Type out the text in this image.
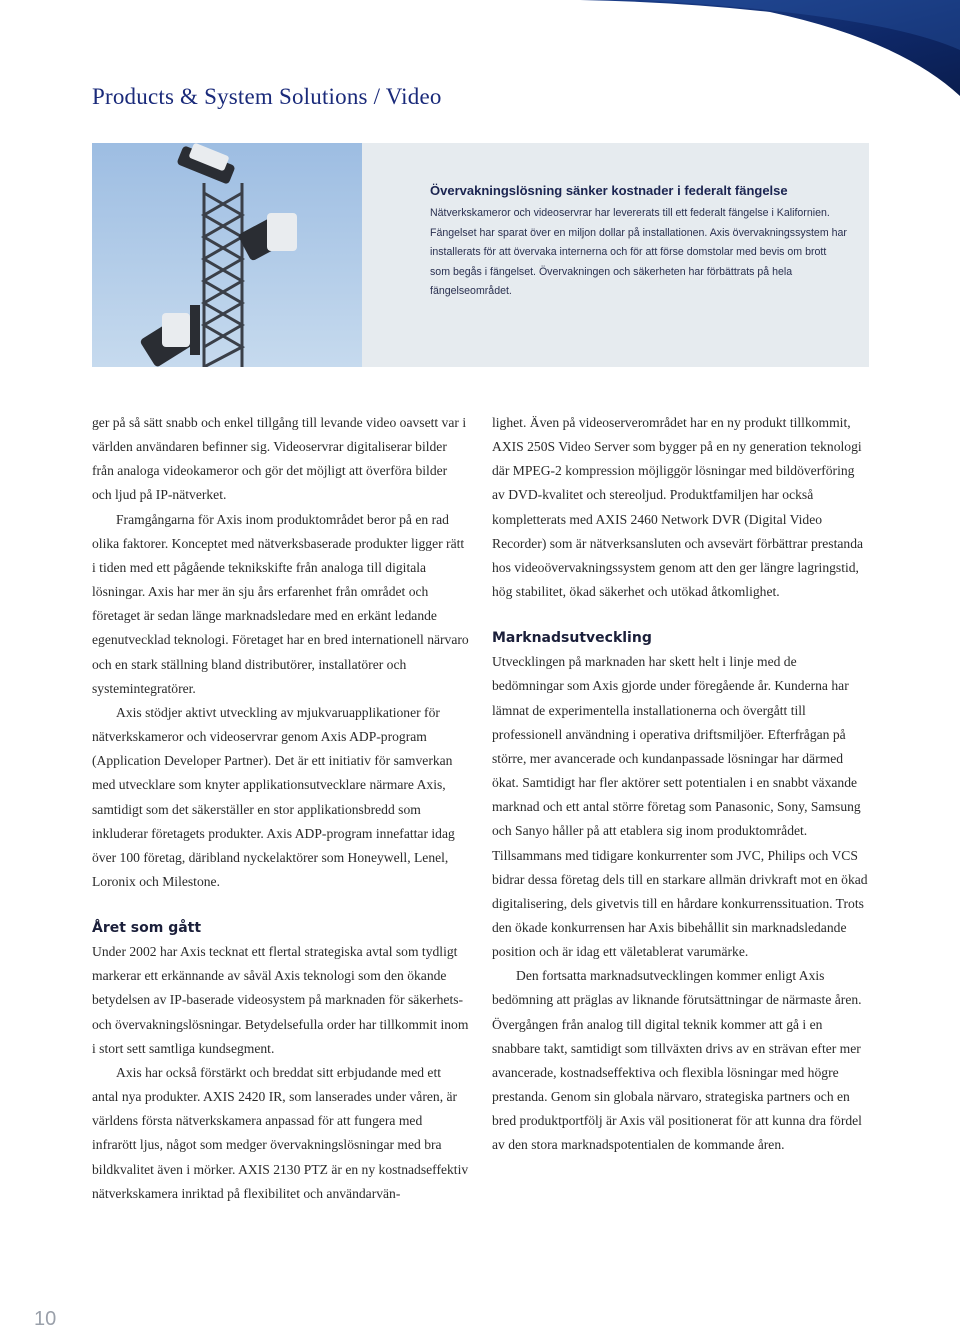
Products & System Solutions / Video

Övervakningslösning sänker kostnader i federalt fängelse

Nätverkskameror och videoservrar har levererats till ett federalt fängelse i Kalifornien. Fängelset har sparat över en miljon dollar på installationen. Axis övervakningssystem har installerats för att övervaka internerna och för att förse domstolar med bevis om brott som begås i fängelset. Övervakningen och säkerheten har förbättrats på hela fängelseområdet.

ger på så sätt snabb och enkel tillgång till levande video oavsett var i världen användaren befinner sig. Videoservrar digitaliserar bilder från analoga videokameror och gör det möjligt att överföra bilder och ljud på IP-nätverket.

Framgångarna för Axis inom produktområdet beror på en rad olika faktorer. Konceptet med nätverksbaserade produkter ligger rätt i tiden med ett pågående teknikskifte från analoga till digitala lösningar. Axis har mer än sju års erfarenhet från området och företaget är sedan länge marknadsledare med en erkänt ledande egenutvecklad teknologi. Företaget har en bred internationell närvaro och en stark ställning bland distributörer, installatörer och systemintegratörer.

Axis stödjer aktivt utveckling av mjukvaruapplikationer för nätverkskameror och videoservrar genom Axis ADP-program (Application Developer Partner). Det är ett initiativ för samverkan med utvecklare som knyter applikationsutvecklare närmare Axis, samtidigt som det säkerställer en stor applikationsbredd som inkluderar företagets produkter. Axis ADP-program innefattar idag över 100 företag, däribland nyckelaktörer som Honeywell, Lenel, Loronix och Milestone.

Året som gått

Under 2002 har Axis tecknat ett flertal strategiska avtal som tydligt markerar ett erkännande av såväl Axis teknologi som den ökande betydelsen av IP-baserade videosystem på marknaden för säkerhets- och övervakningslösningar. Betydelsefulla order har tillkommit inom i stort sett samtliga kundsegment.

Axis har också förstärkt och breddat sitt erbjudande med ett antal nya produkter. AXIS 2420 IR, som lanserades under våren, är världens första nätverkskamera anpassad för att fungera med infrarött ljus, något som medger övervakningslösningar med bra bildkvalitet även i mörker. AXIS 2130 PTZ är en ny kostnadseffektiv nätverkskamera inriktad på flexibilitet och användarvän-

lighet. Även på videoserverområdet har en ny produkt tillkommit, AXIS 250S Video Server som bygger på en ny generation teknologi där MPEG-2 kompression möjliggör lösningar med bildöverföring av DVD-kvalitet och stereoljud. Produktfamiljen har också kompletterats med AXIS 2460 Network DVR (Digital Video Recorder) som är nätverksansluten och avsevärt förbättrar prestanda hos videoövervakningssystem genom att den ger längre lagringstid, hög stabilitet, ökad säkerhet och utökad åtkomlighet.

Marknadsutveckling

Utvecklingen på marknaden har skett helt i linje med de bedömningar som Axis gjorde under föregående år. Kunderna har lämnat de experimentella installationerna och övergått till professionell användning i operativa driftsmiljöer. Efterfrågan på större, mer avancerade och kundanpassade lösningar har därmed ökat. Samtidigt har fler aktörer sett potentialen i en snabbt växande marknad och ett antal större företag som Panasonic, Sony, Samsung och Sanyo håller på att etablera sig inom produktområdet. Tillsammans med tidigare konkurrenter som JVC, Philips och VCS bidrar dessa företag dels till en starkare allmän drivkraft mot en ökad digitalisering, dels givetvis till en hårdare konkurrenssituation. Trots den ökade konkurrensen har Axis bibehållit sin marknadsledande position och är idag ett väletablerat varumärke.

Den fortsatta marknadsutvecklingen kommer enligt Axis bedömning att präglas av liknande förutsättningar de närmaste åren. Övergången från analog till digital teknik kommer att gå i en snabbare takt, samtidigt som tillväxten drivs av en strävan efter mer avancerade, kostnadseffektiva och flexibla lösningar med högre prestanda. Genom sin globala närvaro, strategiska partners och en bred produktportfölj är Axis väl positionerat för att kunna dra fördel av den stora marknadspotentialen de kommande åren.

10
